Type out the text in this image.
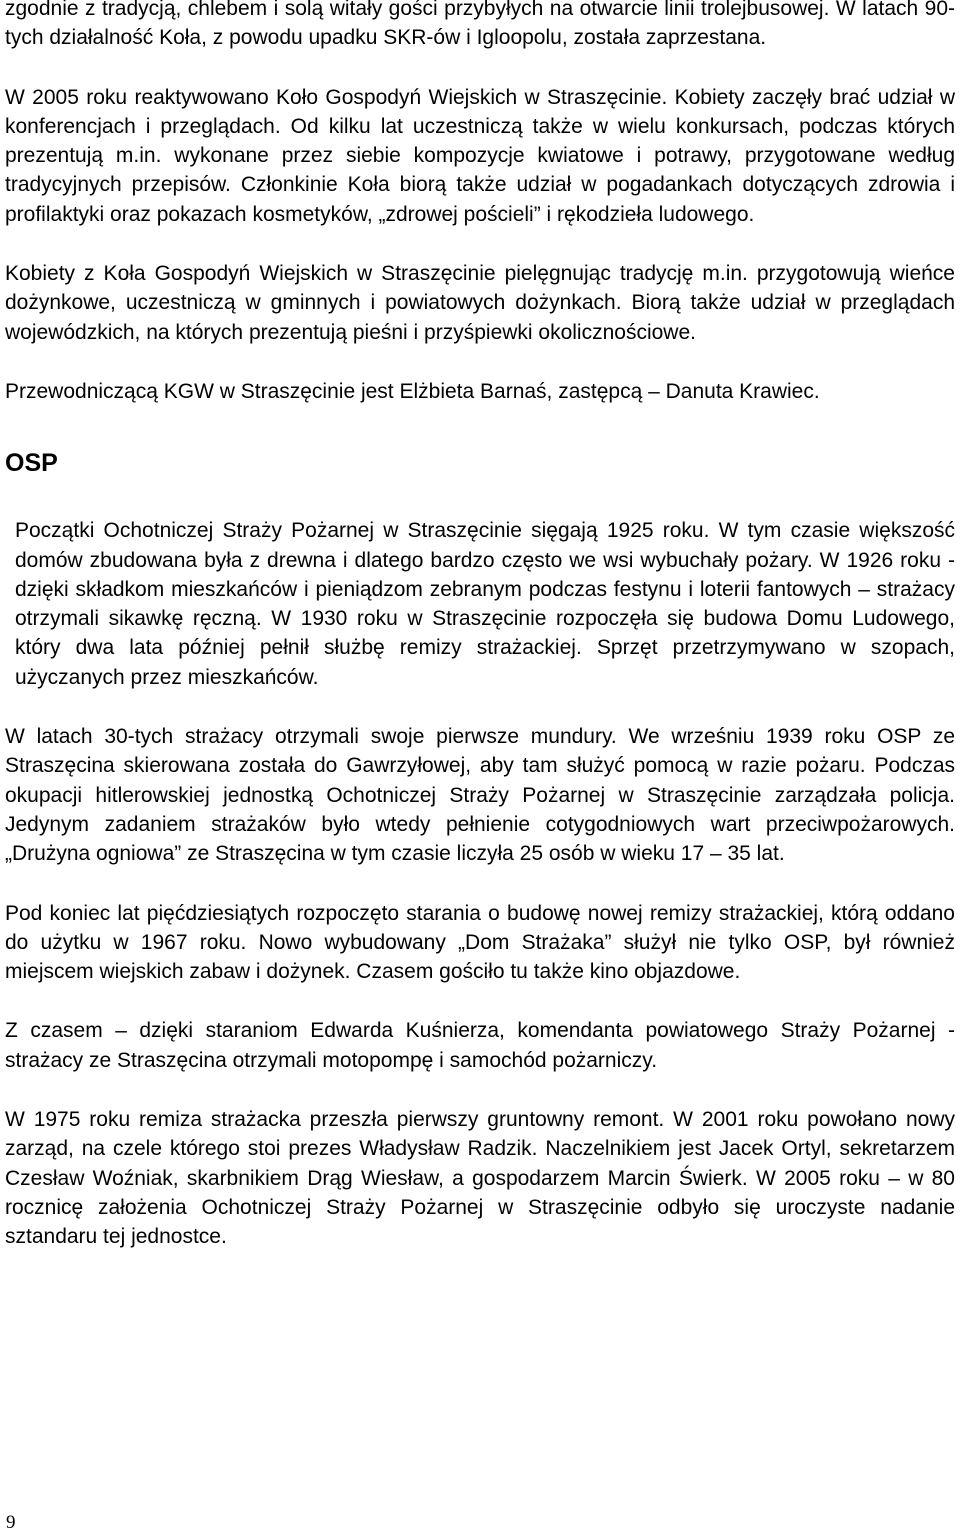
zgodnie z tradycją, chlebem i solą witały gości przybyłych na otwarcie linii trolejbusowej. W latach 90-tych działalność Koła, z powodu upadku SKR-ów i Igloopolu, została zaprzestana.

W 2005 roku reaktywowano Koło Gospodyń Wiejskich w Straszęcinie. Kobiety zaczęły brać udział w konferencjach i przeglądach. Od kilku lat uczestniczą także w wielu konkursach, podczas których prezentują m.in. wykonane przez siebie kompozycje kwiatowe i potrawy, przygotowane według tradycyjnych przepisów. Członkinie Koła biorą także udział w pogadankach dotyczących zdrowia i profilaktyki oraz pokazach kosmetyków, „zdrowej pościeli” i rękodzieła ludowego.

Kobiety z Koła Gospodyń Wiejskich w Straszęcinie pielęgnując tradycję m.in. przygotowują wieńce dożynkowe, uczestniczą w gminnych i powiatowych dożynkach. Biorą także udział w przeglądach wojewódzkich, na których prezentują pieśni i przyśpiewki okolicznościowe.

Przewodniczącą KGW w Straszęcinie jest Elżbieta Barnaś, zastępcą – Danuta Krawiec.

OSP

Początki Ochotniczej Straży Pożarnej w Straszęcinie sięgają 1925 roku. W tym czasie większość domów zbudowana była z drewna i dlatego bardzo często we wsi wybuchały pożary. W 1926 roku - dzięki składkom mieszkańców i pieniądzom zebranym podczas festynu i loterii fantowych – strażacy otrzymali sikawkę ręczną. W 1930 roku w Straszęcinie rozpoczęła się budowa Domu Ludowego, który dwa lata później pełnił służbę remizy strażackiej. Sprzęt przetrzymywano w szopach, użyczanych przez mieszkańców.

W latach 30-tych strażacy otrzymali swoje pierwsze mundury. We wrześniu 1939 roku OSP ze Straszęcina skierowana została do Gawrzyłowej, aby tam służyć pomocą w razie pożaru. Podczas okupacji hitlerowskiej jednostką Ochotniczej Straży Pożarnej w Straszęcinie zarządzała policja. Jedynym zadaniem strażaków było wtedy pełnienie cotygodniowych wart przeciwpożarowych. „Drużyna ogniowa” ze Straszęcina w tym czasie liczyła 25 osób w wieku 17 – 35 lat.

Pod koniec lat pięćdziesiątych rozpoczęto starania o budowę nowej remizy strażackiej, którą oddano do użytku w 1967 roku. Nowo wybudowany „Dom Strażaka” służył nie tylko OSP, był również miejscem wiejskich zabaw i dożynek. Czasem gościło tu także kino objazdowe.

Z czasem – dzięki staraniom Edwarda Kuśnierza, komendanta powiatowego Straży Pożarnej - strażacy ze Straszęcina otrzymali motopompę i samochód pożarniczy.

W 1975 roku remiza strażacka przeszła pierwszy gruntowny remont. W 2001 roku powołano nowy zarząd, na czele którego stoi prezes Władysław Radzik. Naczelnikiem jest Jacek Ortyl, sekretarzem Czesław Woźniak, skarbnikiem Drąg Wiesław, a gospodarzem Marcin Świerk. W 2005 roku – w 80 rocznicę założenia Ochotniczej Straży Pożarnej w Straszęcinie odbyło się uroczyste nadanie sztandaru tej jednostce.

9
